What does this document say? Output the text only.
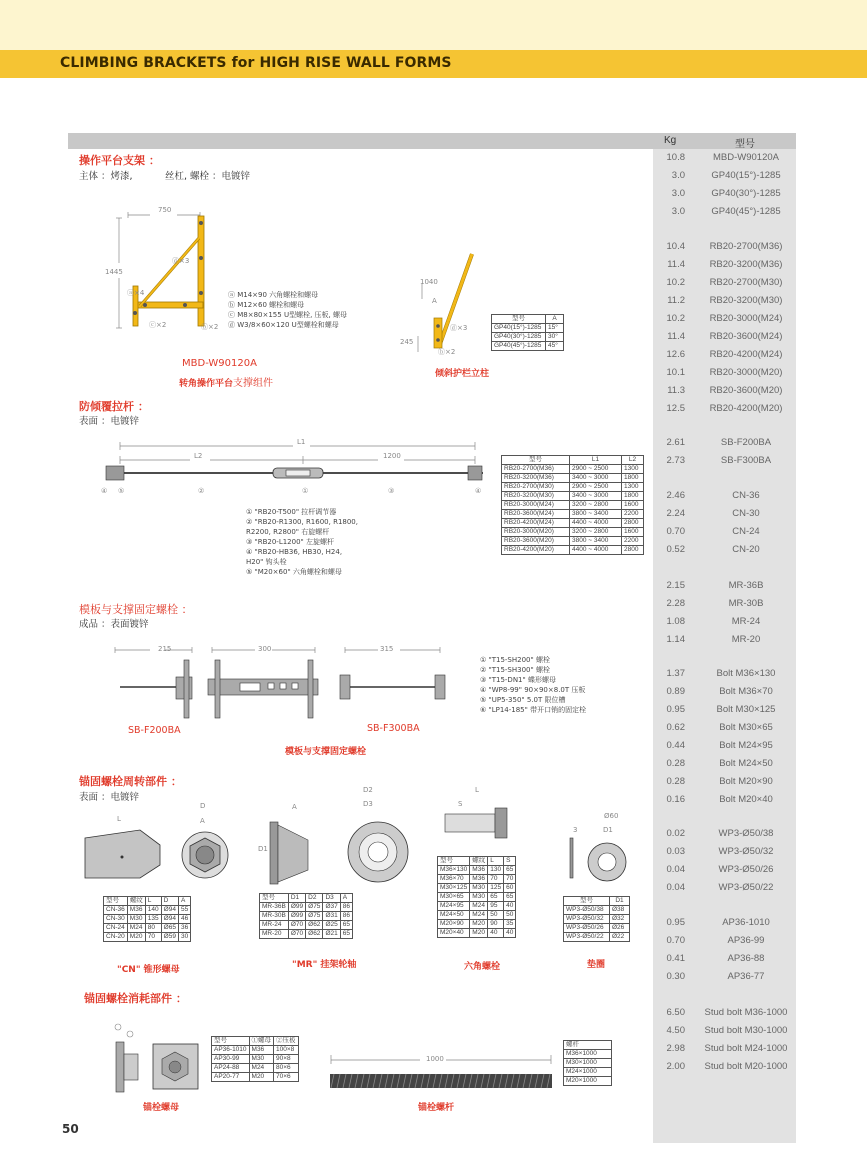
CLIMBING BRACKETS for HIGH RISE WALL FORMS
Kg	型号
10.8	MBD-W90120A
3.0	GP40(15°)-1285
3.0	GP40(30°)-1285
3.0	GP40(45°)-1285
10.4	RB20-2700(M36)
11.4	RB20-3200(M36)
10.2	RB20-2700(M30)
11.2	RB20-3200(M30)
10.2	RB20-3000(M24)
11.4	RB20-3600(M24)
12.6	RB20-4200(M24)
10.1	RB20-3000(M20)
11.3	RB20-3600(M20)
12.5	RB20-4200(M20)
2.61	SB-F200BA
2.73	SB-F300BA
2.46	CN-36
2.24	CN-30
0.70	CN-24
0.52	CN-20
2.15	MR-36B
2.28	MR-30B
1.08	MR-24
1.14	MR-20
1.37	Bolt M36×130
0.89	Bolt M36×70
0.95	Bolt M30×125
0.62	Bolt M30×65
0.44	Bolt M24×95
0.28	Bolt M24×50
0.28	Bolt M20×90
0.16	Bolt M20×40
0.02	WP3-Ø50/38
0.03	WP3-Ø50/32
0.04	WP3-Ø50/26
0.04	WP3-Ø50/22
0.95	AP36-1010
0.70	AP36-99
0.41	AP36-88
0.30	AP36-77
6.50	Stud bolt M36-1000
4.50	Stud bolt M30-1000
2.98	Stud bolt M24-1000
2.00	Stud bolt M20-1000
操作平台支架 ：
主体 ：烤漆,	丝杠, 螺栓 ：电镀锌
750
1445
ⓓ×3
ⓐ×4
ⓒ×2	ⓑ×2
ⓐ M14×90 六角螺栓和螺母
ⓑ M12×60 螺栓和螺母
ⓒ M8×80×155 U型螺栓, 压板, 螺母
ⓓ W3/8×60×120 U型螺栓和螺母
MBD-W90120A
转角操作平台支撑组件
1040
245
A
ⓓ×3
ⓑ×2
型号	A
GP40(15°)-1285	15°
GP40(30°)-1285	30°
GP40(45°)-1285	45°
倾斜护栏立柱
防倾覆拉杆 ：
表面 ：电镀锌
L1
L2	1200
④ ⑤	②	①	③	④
① "RB20-T500" 拉杆调节器
② "RB20-R1300, R1600, R1800,
R2200, R2800" 右旋螺杆
③ "RB20-L1200" 左旋螺杆
④ "RB20-HB36, HB30, H24,
H20" 钩头栓
⑤ "M20×60" 六角螺栓和螺母
型号	L1	L2
RB20-2700(M36)	2900 ~ 2500	1300
RB20-3200(M36)	3400 ~ 3000	1800
RB20-2700(M30)	2900 ~ 2500	1300
RB20-3200(M30)	3400 ~ 3000	1800
RB20-3000(M24)	3200 ~ 2800	1600
RB20-3600(M24)	3800 ~ 3400	2200
RB20-4200(M24)	4400 ~ 4000	2800
RB20-3000(M20)	3200 ~ 2800	1600
RB20-3600(M20)	3800 ~ 3400	2200
RB20-4200(M20)	4400 ~ 4000	2800
模板与支撑固定螺栓 ：
成品 ：表面镀锌
215	300	315
① "T15-SH200" 螺栓
② "T15-SH300" 螺栓
③ "T15-DN1" 蝶形螺母
④ "WP8-99" 90×90×8.0T 压板
⑤ "UP5-350" 5.0T 限位槽
⑥ "LP14-185" 带开口销的固定栓
SB-F200BA	SB-F300BA
模板与支撑固定螺栓
锚固螺栓周转部件 ：
表面 ：电镀锌
L
D
A
A
D1
D2
D3
L
S
Ø60
3	D1
型号	螺纹	L	D	A
CN-36	M36	140	Ø94	55
CN-30	M30	135	Ø94	46
CN-24	M24	80	Ø65	36
CN-20	M20	70	Ø59	30
"CN" 锥形螺母
型号	D1	D2	D3	A
MR-36B	Ø99	Ø75	Ø37	86
MR-30B	Ø99	Ø75	Ø31	86
MR-24	Ø70	Ø62	Ø25	65
MR-20	Ø70	Ø62	Ø21	65
"MR" 挂架轮轴
型号	螺纹	L	S
M36×130	M36	130	65
M36×70	M36	70	70
M30×125	M30	125	60
M30×65	M30	65	65
M24×95	M24	95	40
M24×50	M24	50	50
M20×90	M20	90	35
M20×40	M20	40	40
六角螺栓
型号	D1
WP3-Ø50/38	Ø38
WP3-Ø50/32	Ø32
WP3-Ø50/26	Ø26
WP3-Ø50/22	Ø22
垫圈
锚固螺栓消耗部件 ：
型号	①螺母	②压板
AP36-1010	M36	100×8
AP30-99	M30	90×8
AP24-88	M24	80×6
AP20-77	M20	70×6
锚栓螺母
1000
螺杆
M36×1000
M30×1000
M24×1000
M20×1000
锚栓螺杆
50
